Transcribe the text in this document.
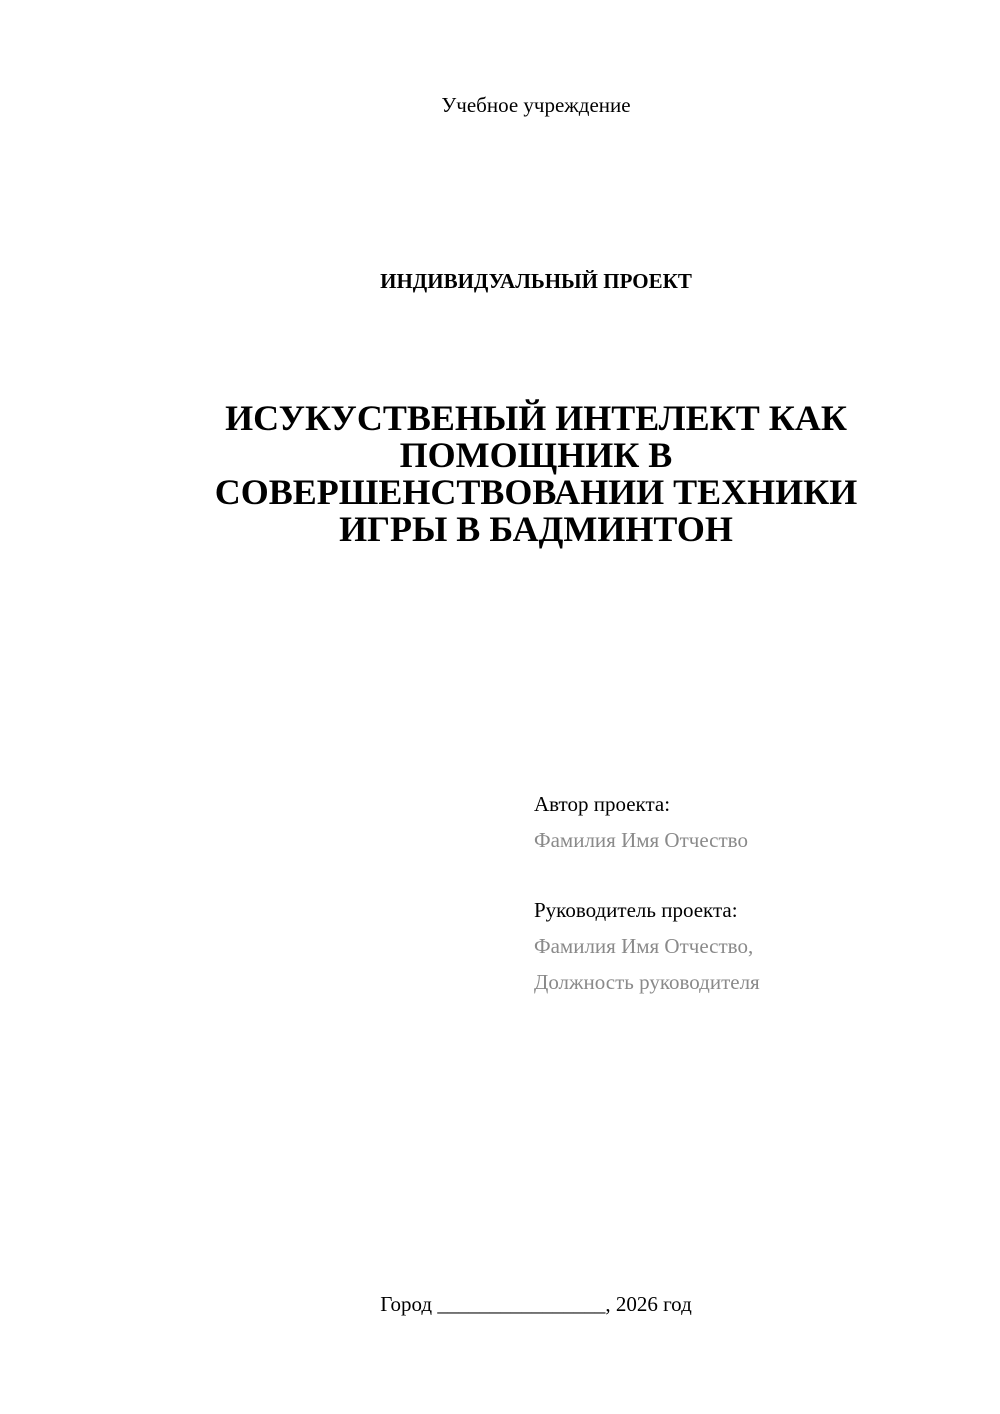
Учебное учреждение
ИНДИВИДУАЛЬНЫЙ ПРОЕКТ
ИСУКУСТВЕНЫЙ ИНТЕЛЕКТ КАК
ПОМОЩНИК В
СОВЕРШЕНСТВОВАНИИ ТЕХНИКИ
ИГРЫ В БАДМИНТОН
Автор проекта:
Фамилия Имя Отчество
Руководитель проекта:
Фамилия Имя Отчество,
Должность руководителя
Город ________________, 2026 год
